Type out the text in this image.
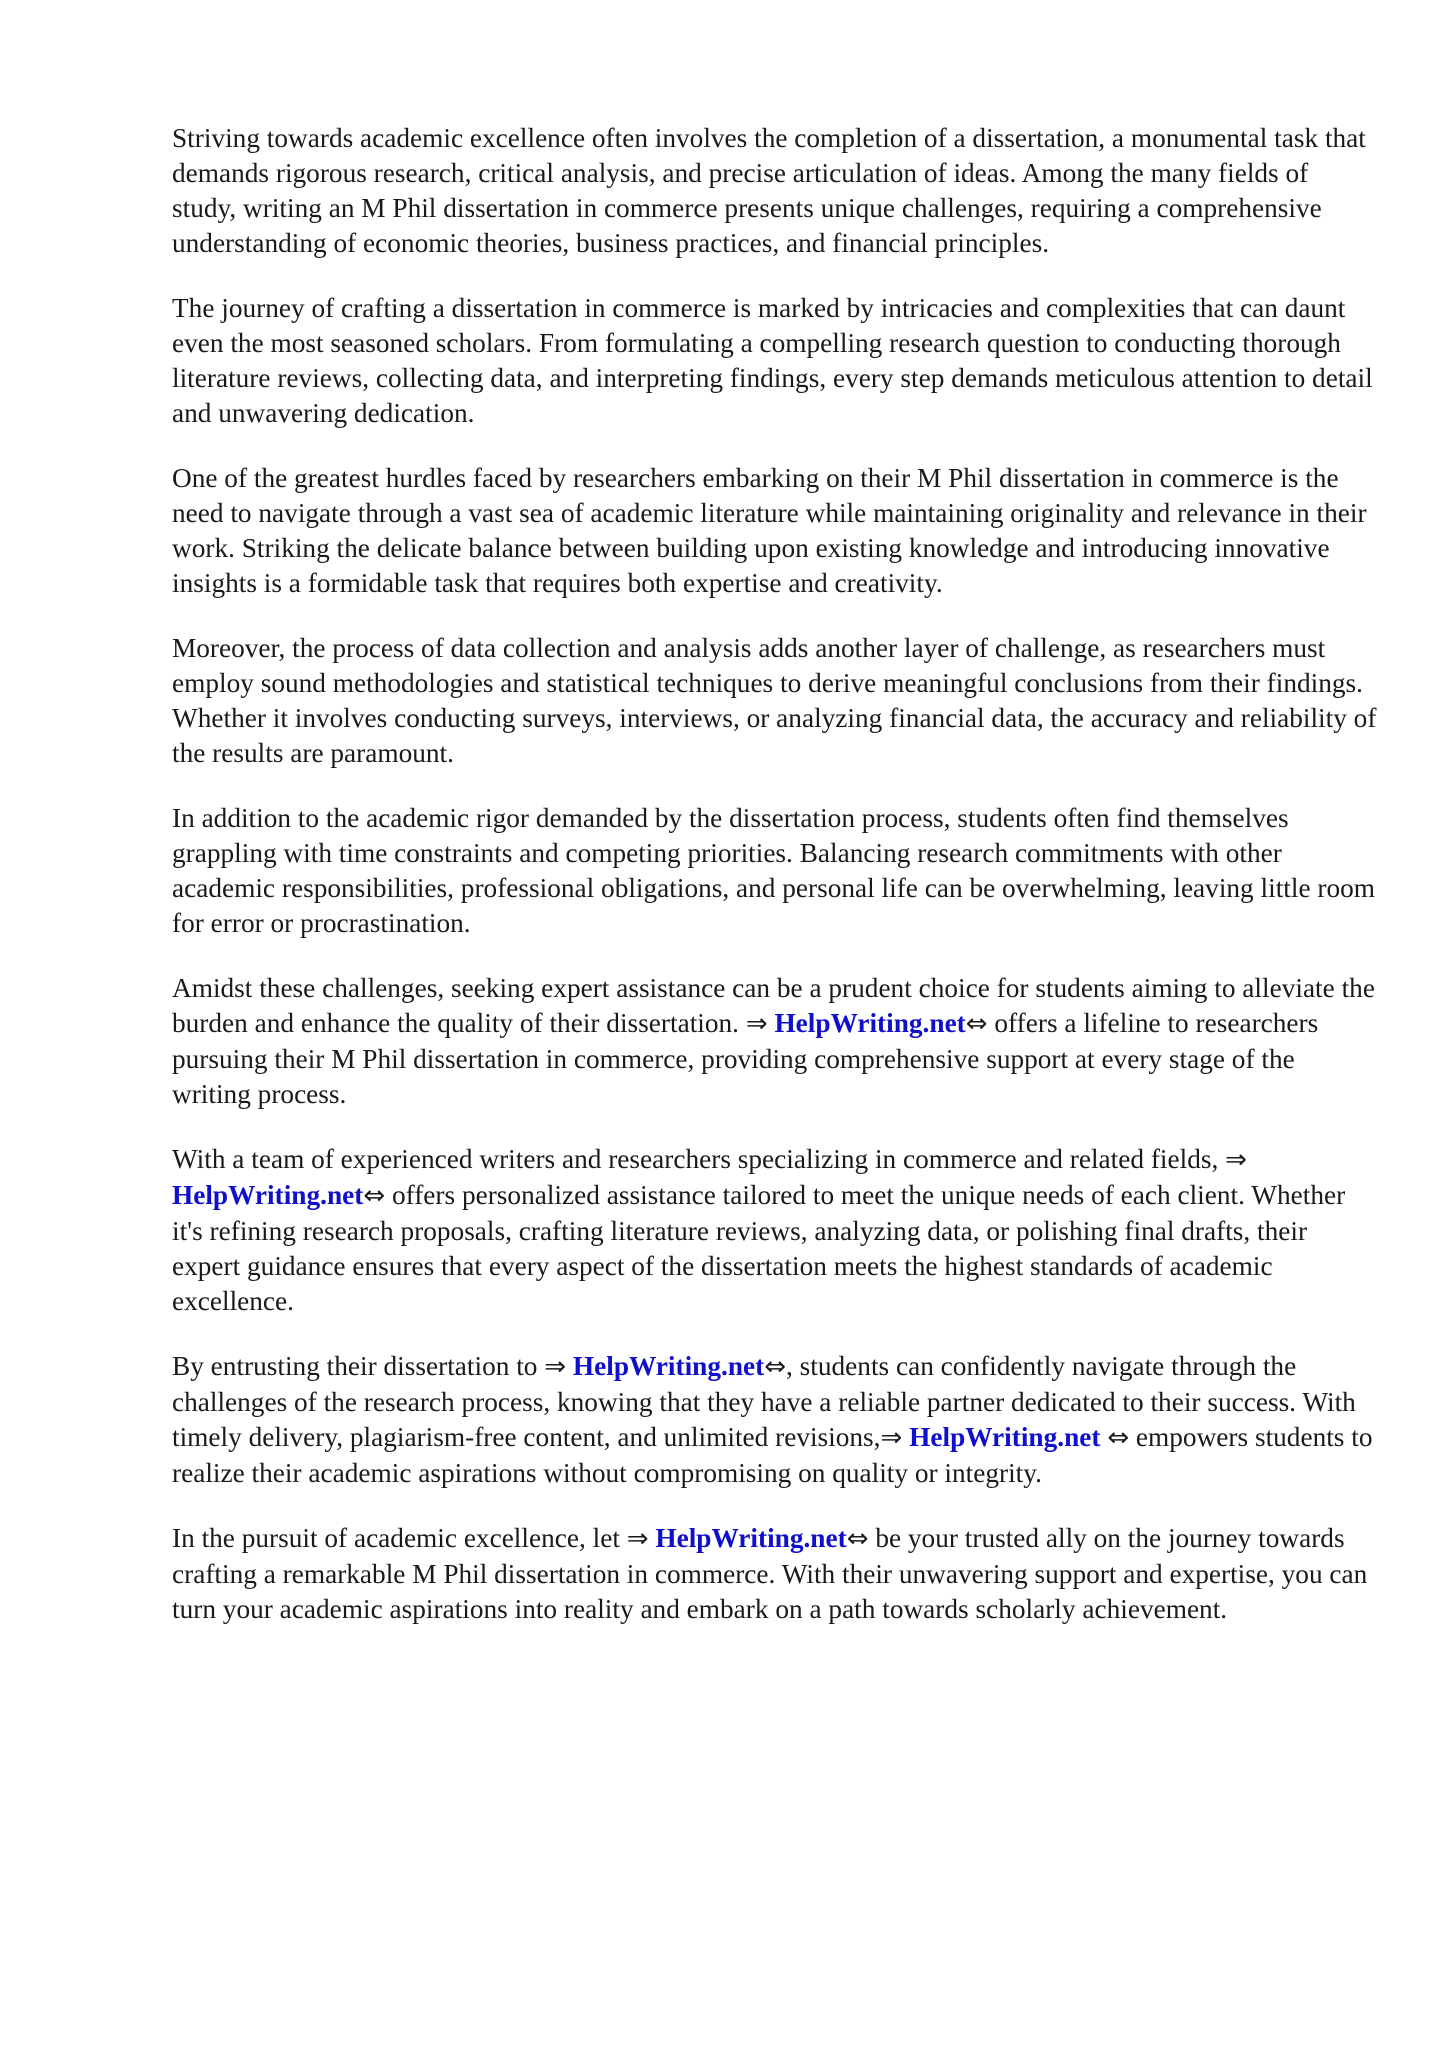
Striving towards academic excellence often involves the completion of a dissertation, a monumental task that demands rigorous research, critical analysis, and precise articulation of ideas. Among the many fields of study, writing an M Phil dissertation in commerce presents unique challenges, requiring a comprehensive understanding of economic theories, business practices, and financial principles.

The journey of crafting a dissertation in commerce is marked by intricacies and complexities that can daunt even the most seasoned scholars. From formulating a compelling research question to conducting thorough literature reviews, collecting data, and interpreting findings, every step demands meticulous attention to detail and unwavering dedication.

One of the greatest hurdles faced by researchers embarking on their M Phil dissertation in commerce is the need to navigate through a vast sea of academic literature while maintaining originality and relevance in their work. Striking the delicate balance between building upon existing knowledge and introducing innovative insights is a formidable task that requires both expertise and creativity.

Moreover, the process of data collection and analysis adds another layer of challenge, as researchers must employ sound methodologies and statistical techniques to derive meaningful conclusions from their findings. Whether it involves conducting surveys, interviews, or analyzing financial data, the accuracy and reliability of the results are paramount.

In addition to the academic rigor demanded by the dissertation process, students often find themselves grappling with time constraints and competing priorities. Balancing research commitments with other academic responsibilities, professional obligations, and personal life can be overwhelming, leaving little room for error or procrastination.

Amidst these challenges, seeking expert assistance can be a prudent choice for students aiming to alleviate the burden and enhance the quality of their dissertation. ⇒ HelpWriting.net⇔ offers a lifeline to researchers pursuing their M Phil dissertation in commerce, providing comprehensive support at every stage of the writing process.

With a team of experienced writers and researchers specializing in commerce and related fields, ⇒ HelpWriting.net⇔ offers personalized assistance tailored to meet the unique needs of each client. Whether it's refining research proposals, crafting literature reviews, analyzing data, or polishing final drafts, their expert guidance ensures that every aspect of the dissertation meets the highest standards of academic excellence.

By entrusting their dissertation to ⇒ HelpWriting.net⇔, students can confidently navigate through the challenges of the research process, knowing that they have a reliable partner dedicated to their success. With timely delivery, plagiarism-free content, and unlimited revisions,⇒ HelpWriting.net ⇔ empowers students to realize their academic aspirations without compromising on quality or integrity.

In the pursuit of academic excellence, let ⇒ HelpWriting.net⇔ be your trusted ally on the journey towards crafting a remarkable M Phil dissertation in commerce. With their unwavering support and expertise, you can turn your academic aspirations into reality and embark on a path towards scholarly achievement.
